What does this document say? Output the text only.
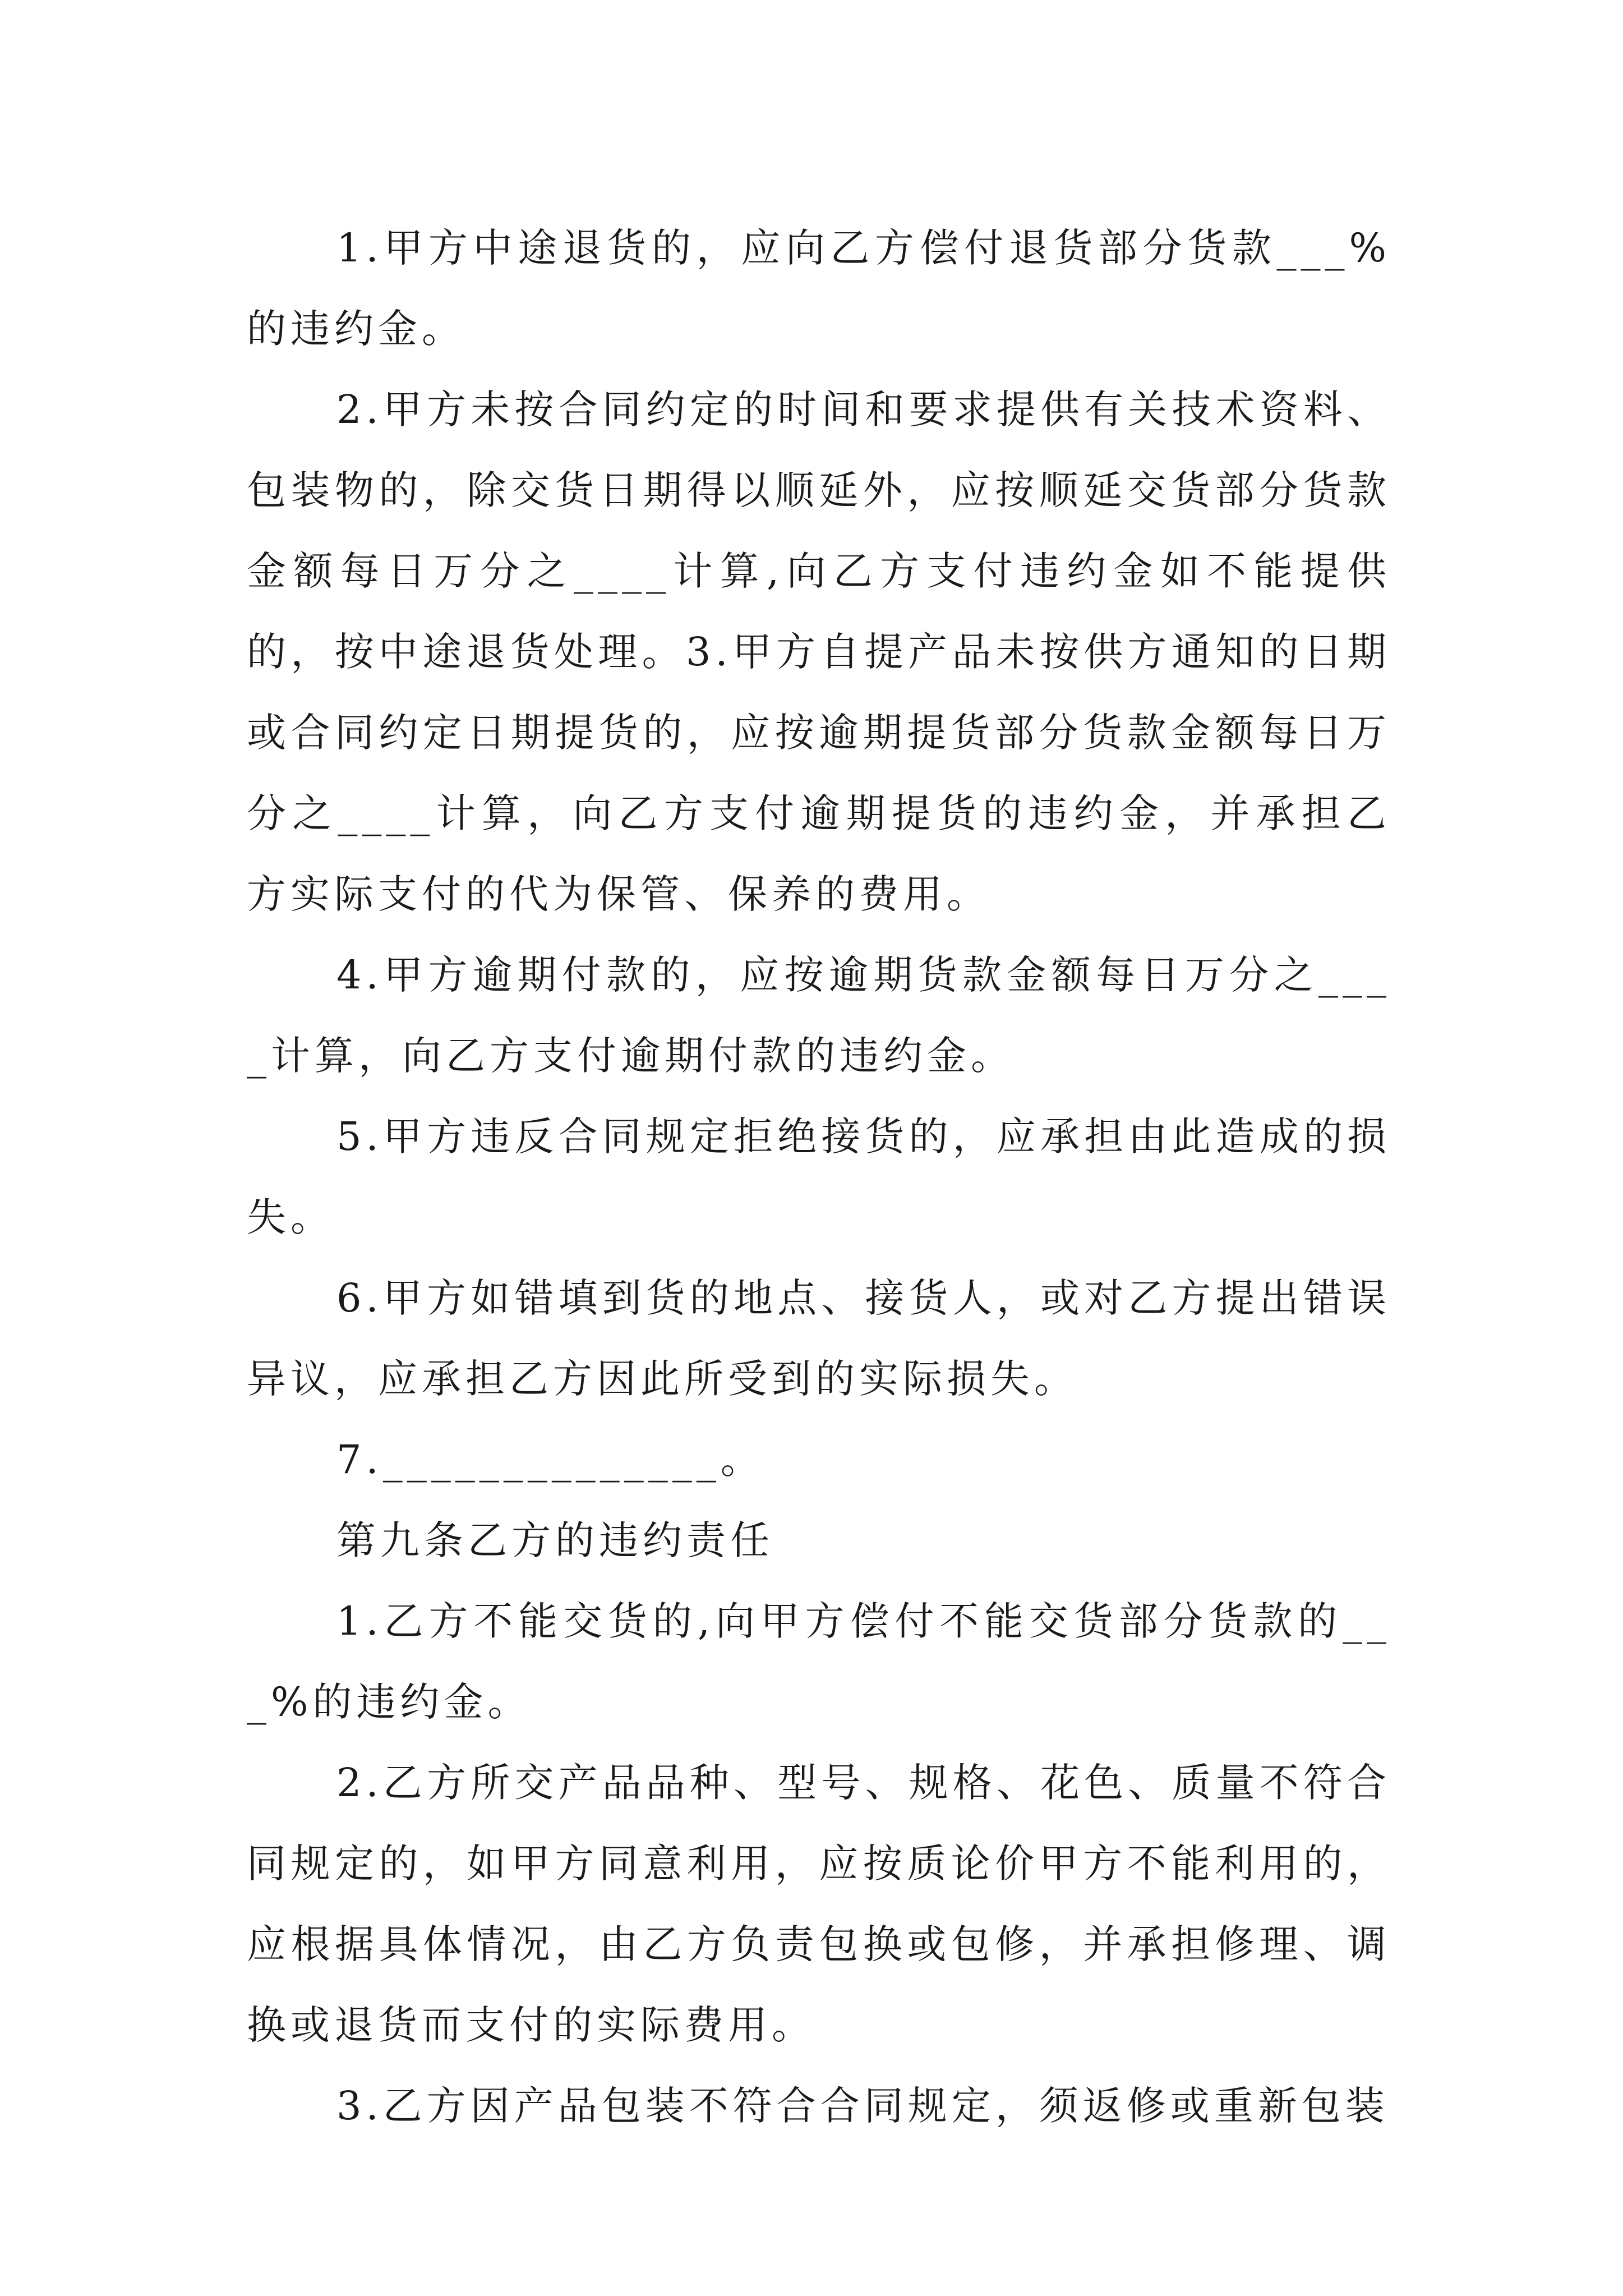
1.甲方中途退货的，应向乙方偿付退货部分货款___%的违约金。

2.甲方未按合同约定的时间和要求提供有关技术资料、包装物的，除交货日期得以顺延外，应按顺延交货部分货款金额每日万分之____计算,向乙方支付违约金如不能提供的，按中途退货处理。3.甲方自提产品未按供方通知的日期或合同约定日期提货的，应按逾期提货部分货款金额每日万分之____计算，向乙方支付逾期提货的违约金，并承担乙方实际支付的代为保管、保养的费用。

4.甲方逾期付款的，应按逾期货款金额每日万分之____计算，向乙方支付逾期付款的违约金。

5.甲方违反合同规定拒绝接货的，应承担由此造成的损失。

6.甲方如错填到货的地点、接货人，或对乙方提出错误异议，应承担乙方因此所受到的实际损失。

7.______________。

第九条乙方的违约责任

1.乙方不能交货的,向甲方偿付不能交货部分货款的___%的违约金。

2.乙方所交产品品种、型号、规格、花色、质量不符合同规定的，如甲方同意利用，应按质论价甲方不能利用的，应根据具体情况，由乙方负责包换或包修，并承担修理、调换或退货而支付的实际费用。

3.乙方因产品包装不符合合同规定，须返修或重新包装
